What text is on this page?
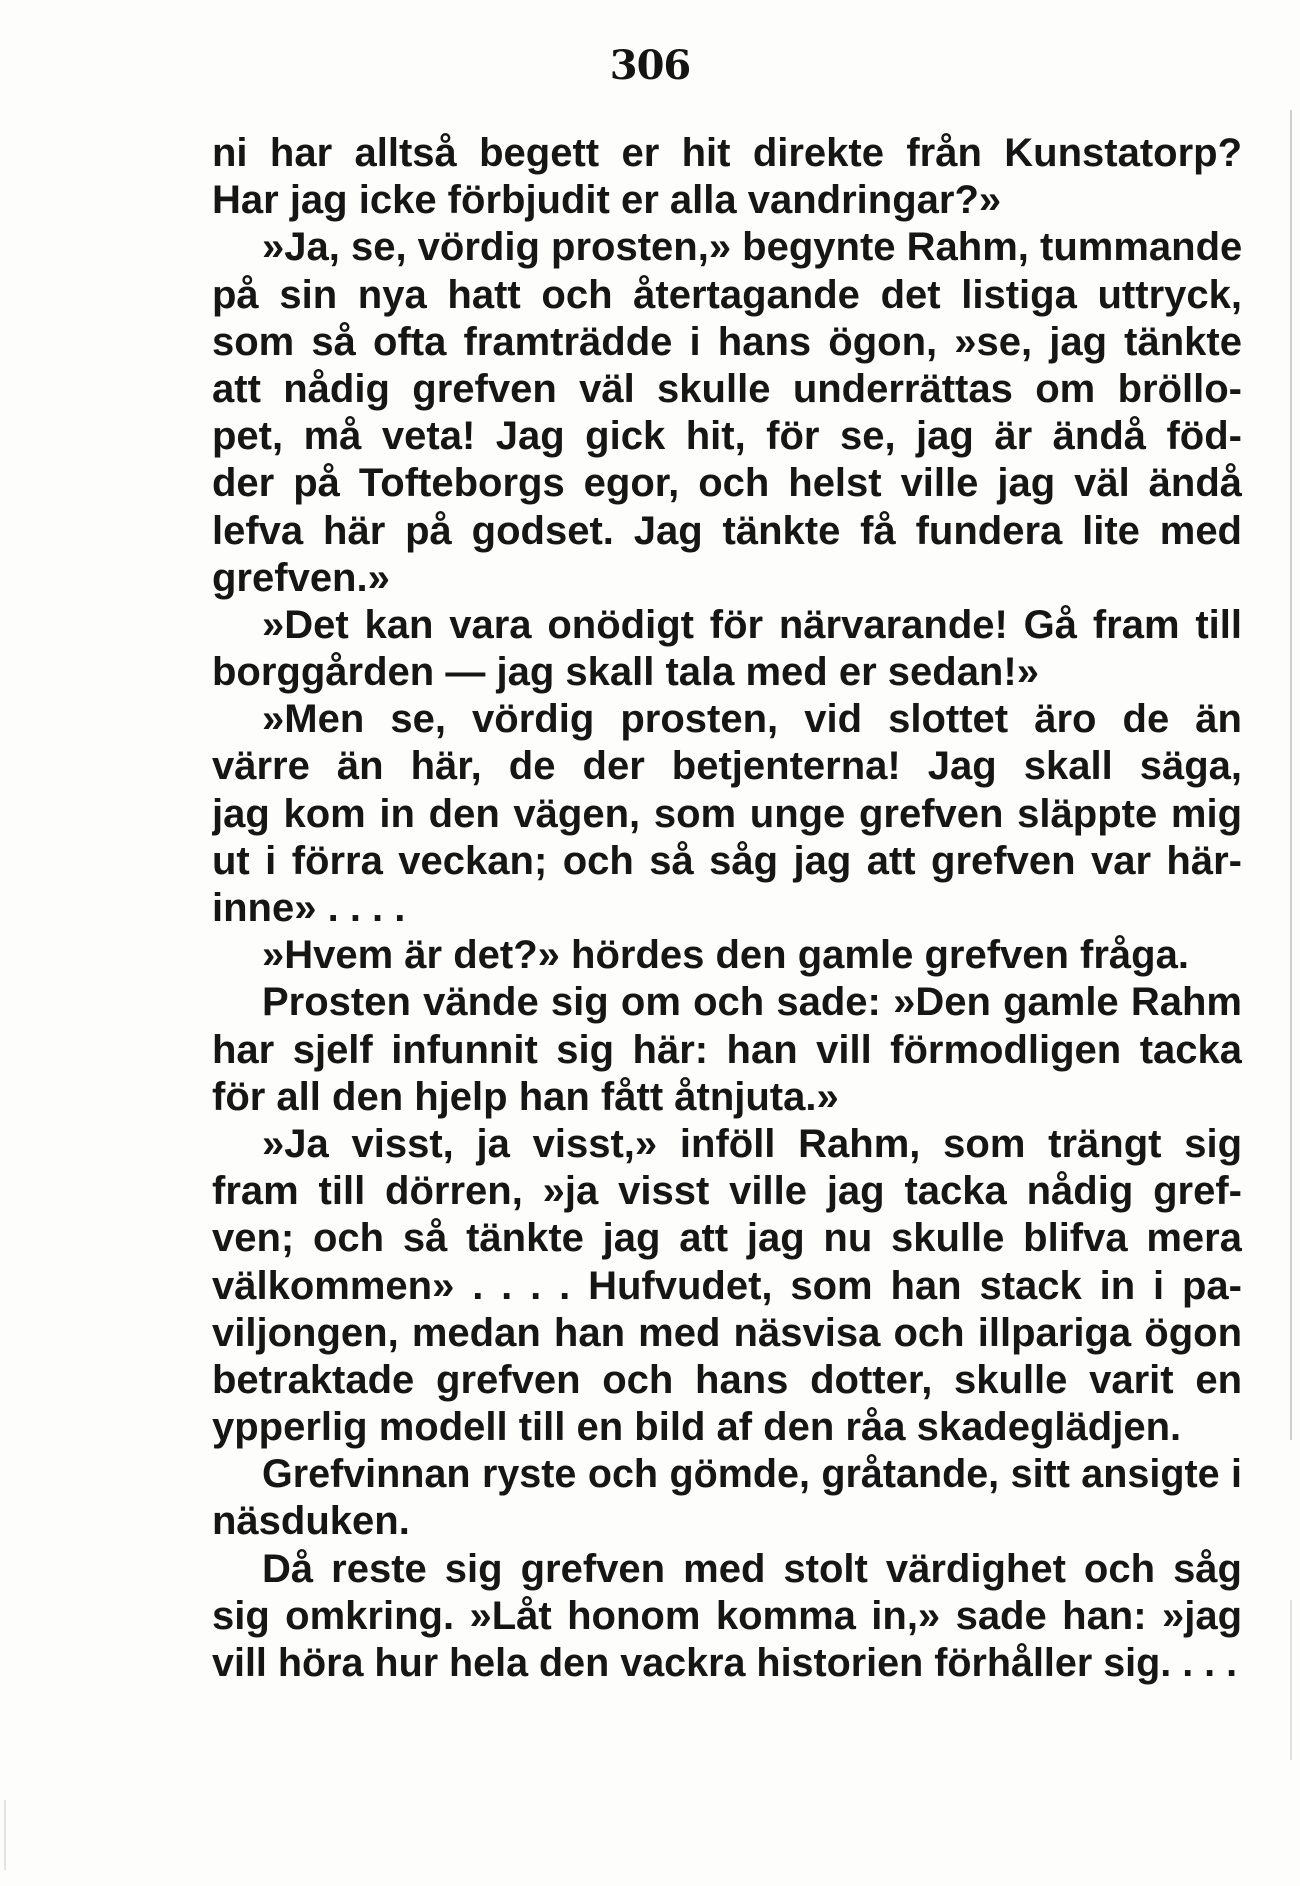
306
ni har alltså begett er hit direkte från Kunstatorp?
Har jag icke förbjudit er alla vandringar?»
»Ja, se, vördig prosten,» begynte Rahm, tummande
på sin nya hatt och återtagande det listiga uttryck,
som så ofta framträdde i hans ögon, »se, jag tänkte
att nådig grefven väl skulle underrättas om bröllo-
pet, må veta! Jag gick hit, för se, jag är ändå föd-
der på Tofteborgs egor, och helst ville jag väl ändå
lefva här på godset. Jag tänkte få fundera lite med
grefven.»
»Det kan vara onödigt för närvarande! Gå fram till
borggården — jag skall tala med er sedan!»
»Men se, vördig prosten, vid slottet äro de än
värre än här, de der betjenterna! Jag skall säga,
jag kom in den vägen, som unge grefven släppte mig
ut i förra veckan; och så såg jag att grefven var här-
inne» . . . .
»Hvem är det?» hördes den gamle grefven fråga.
Prosten vände sig om och sade: »Den gamle Rahm
har sjelf infunnit sig här: han vill förmodligen tacka
för all den hjelp han fått åtnjuta.»
»Ja visst, ja visst,» inföll Rahm, som trängt sig
fram till dörren, »ja visst ville jag tacka nådig gref-
ven; och så tänkte jag att jag nu skulle blifva mera
välkommen» . . . . Hufvudet, som han stack in i pa-
viljongen, medan han med näsvisa och illpariga ögon
betraktade grefven och hans dotter, skulle varit en
ypperlig modell till en bild af den råa skadeglädjen.
Grefvinnan ryste och gömde, gråtande, sitt ansigte i
näsduken.
Då reste sig grefven med stolt värdighet och såg
sig omkring. »Låt honom komma in,» sade han: »jag
vill höra hur hela den vackra historien förhåller sig. . . .
